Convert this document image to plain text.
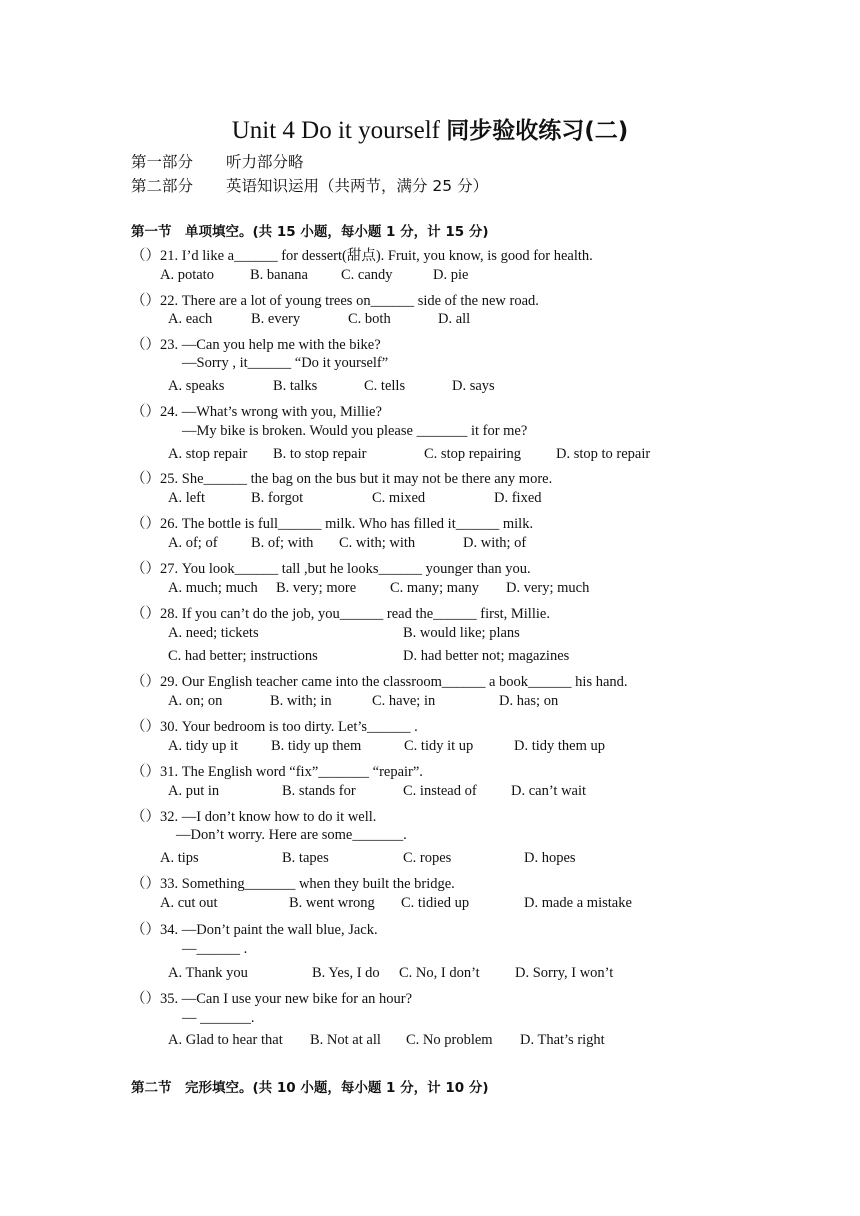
Unit 4 Do it yourself 同步验收练习(二)
第一部分 听力部分略
第二部分 英语知识运用（共两节，满分 25 分）
第一节　单项填空。(共 15 小题，每小题 1 分，计 15 分)
（）21. I’d like a______ for dessert(甜点). Fruit, you know, is good for health.
A. potato B. banana C. candy	D. pie
（）22. There are a lot of young trees on______ side of the new road.
A. each	B. every	C. both	D. all
（）23. —Can you help me with the bike?
—Sorry , it______ “Do it yourself”
A. speaks	B. talks	C. tells	D. says
（）24. —What’s wrong with you, Millie?
—My bike is broken. Would you please _______ it for me?
A. stop repair B. to stop repair	C. stop repairing D. stop to repair
（）25. She______ the bag on the bus but it may not be there any more.
A. left	B. forgot	C. mixed	D. fixed
（）26. The bottle is full______ milk. Who has filled it______ milk.
A. of; of B. of; with C. with; with	D. with; of
（）27. You look______ tall ,but he looks______ younger than you.
A. much; much B. very; more C. many; many D. very; much
（）28. If you can’t do the job, you______ read the______ first, Millie.
A. need; tickets	B. would like; plans
C. had better; instructions	D. had better not; magazines
（）29. Our English teacher came into the classroom______ a book______ his hand.
A. on; on	B. with; in	C. have; in	D. has; on
（）30. Your bedroom is too dirty. Let’s______ .
A. tidy up it B. tidy up them	C. tidy it up	D. tidy them up
（）31. The English word “fix”_______ “repair”.
A. put in	B. stands for	C. instead of D. can’t wait
（）32. —I don’t know how to do it well.
—Don’t worry. Here are some_______.
A. tips	B. tapes	C. ropes	D. hopes
（）33. Something_______ when they built the bridge.
A. cut out	B. went wrong C. tidied up	D. made a mistake
（）34. —Don’t paint the wall blue, Jack.
—______ .
A. Thank you	B. Yes, I do C. No, I don’t D. Sorry, I won’t
（）35. —Can I use your new bike for an hour?
— _______.
A. Glad to hear that B. Not at all C. No problem D. That’s right
第二节　完形填空。(共 10 小题，每小题 1 分，计 10 分)
